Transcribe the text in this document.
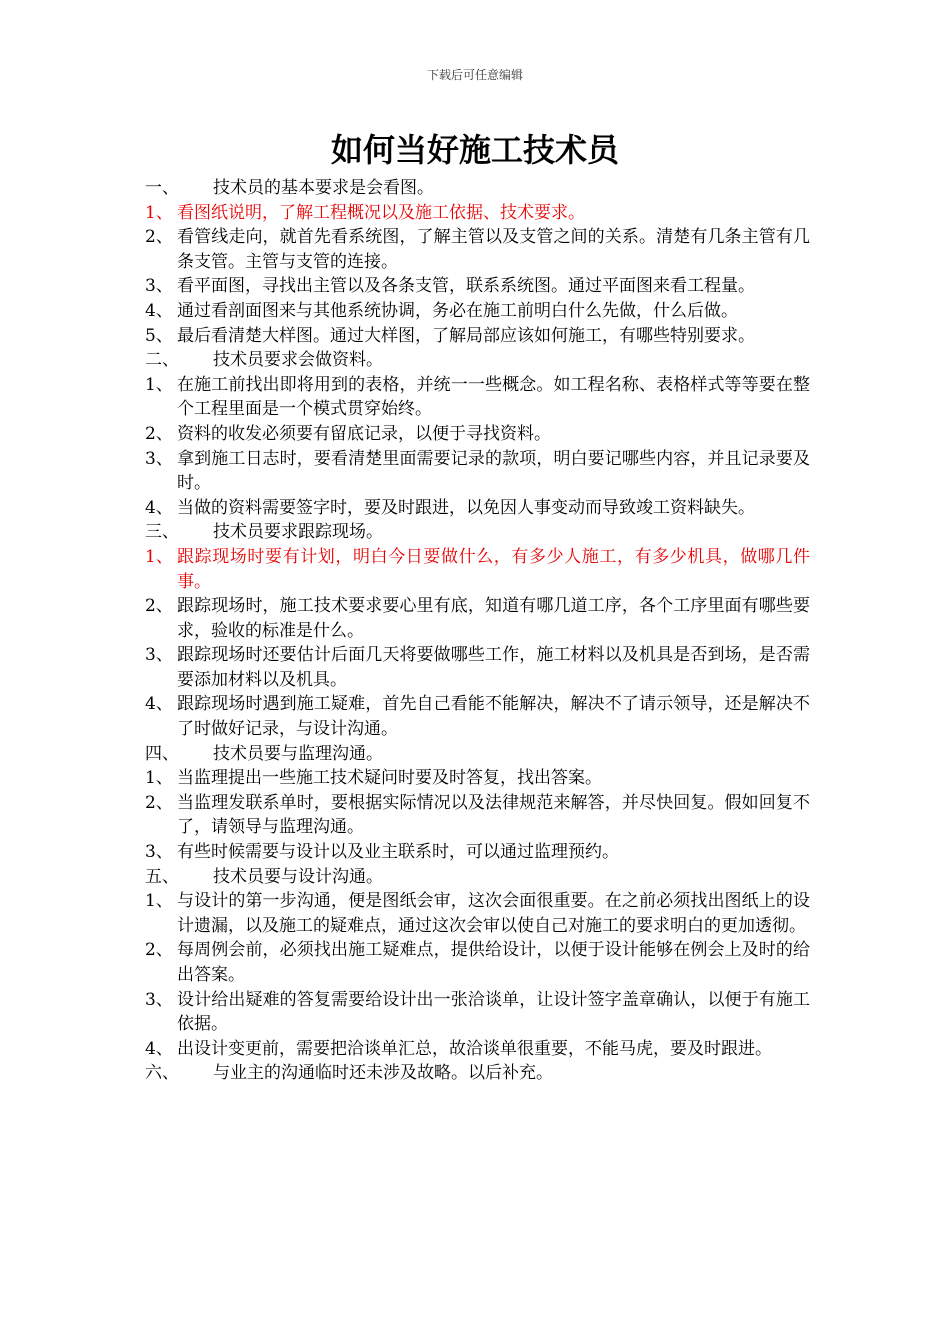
下载后可任意编辑
如何当好施工技术员
一、	技术员的基本要求是会看图。
1、 看图纸说明，了解工程概况以及施工依据、技术要求。
2、 看管线走向，就首先看系统图，了解主管以及支管之间的关系。清楚有几条主管有几条支管。主管与支管的连接。
3、 看平面图，寻找出主管以及各条支管，联系系统图。通过平面图来看工程量。
4、 通过看剖面图来与其他系统协调，务必在施工前明白什么先做，什么后做。
5、 最后看清楚大样图。通过大样图，了解局部应该如何施工，有哪些特别要求。
二、	技术员要求会做资料。
1、 在施工前找出即将用到的表格，并统一一些概念。如工程名称、表格样式等等要在整个工程里面是一个模式贯穿始终。
2、 资料的收发必须要有留底记录，以便于寻找资料。
3、 拿到施工日志时，要看清楚里面需要记录的款项，明白要记哪些内容，并且记录要及时。
4、 当做的资料需要签字时，要及时跟进，以免因人事变动而导致竣工资料缺失。
三、	技术员要求跟踪现场。
1、 跟踪现场时要有计划，明白今日要做什么，有多少人施工，有多少机具，做哪几件事。
2、 跟踪现场时，施工技术要求要心里有底，知道有哪几道工序，各个工序里面有哪些要求，验收的标准是什么。
3、 跟踪现场时还要估计后面几天将要做哪些工作，施工材料以及机具是否到场，是否需要添加材料以及机具。
4、 跟踪现场时遇到施工疑难，首先自己看能不能解决，解决不了请示领导，还是解决不了时做好记录，与设计沟通。
四、	技术员要与监理沟通。
1、 当监理提出一些施工技术疑问时要及时答复，找出答案。
2、 当监理发联系单时，要根据实际情况以及法律规范来解答，并尽快回复。假如回复不了，请领导与监理沟通。
3、 有些时候需要与设计以及业主联系时，可以通过监理预约。
五、	技术员要与设计沟通。
1、 与设计的第一步沟通，便是图纸会审，这次会面很重要。在之前必须找出图纸上的设计遗漏，以及施工的疑难点，通过这次会审以使自己对施工的要求明白的更加透彻。
2、 每周例会前，必须找出施工疑难点，提供给设计，以便于设计能够在例会上及时的给出答案。
3、 设计给出疑难的答复需要给设计出一张洽谈单，让设计签字盖章确认，以便于有施工依据。
4、 出设计变更前，需要把洽谈单汇总，故洽谈单很重要，不能马虎，要及时跟进。
六、	与业主的沟通临时还未涉及故略。以后补充。
